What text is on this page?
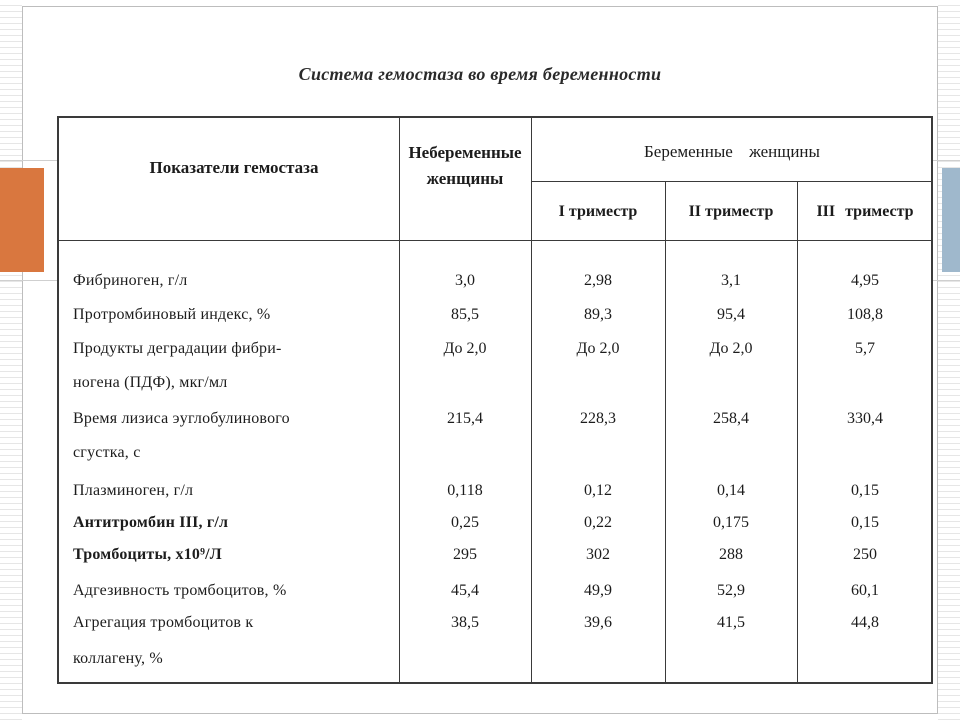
Система гемостаза во время беременности
Показатели гемостаза
Небеременные женщины
Беременные женщины
I триместр	II триместр	III триместр
Фибриноген, г/л	3,0	2,98	3,1	4,95
Протромбиновый индекс, %	85,5	89,3	95,4	108,8
Продукты деградации фибри-	До 2,0	До 2,0	До 2,0	5,7
ногена (ПДФ), мкг/мл
Время лизиса эуглобулинового	215,4	228,3	258,4	330,4
сгустка, с
Плазминоген, г/л	0,118	0,12	0,14	0,15
Антитромбин III, г/л	0,25	0,22	0,175	0,15
Тромбоциты, x10⁹/Л	295	302	288	250
Адгезивность тромбоцитов, %	45,4	49,9	52,9	60,1
Агрегация тромбоцитов к	38,5	39,6	41,5	44,8
коллагену, %
